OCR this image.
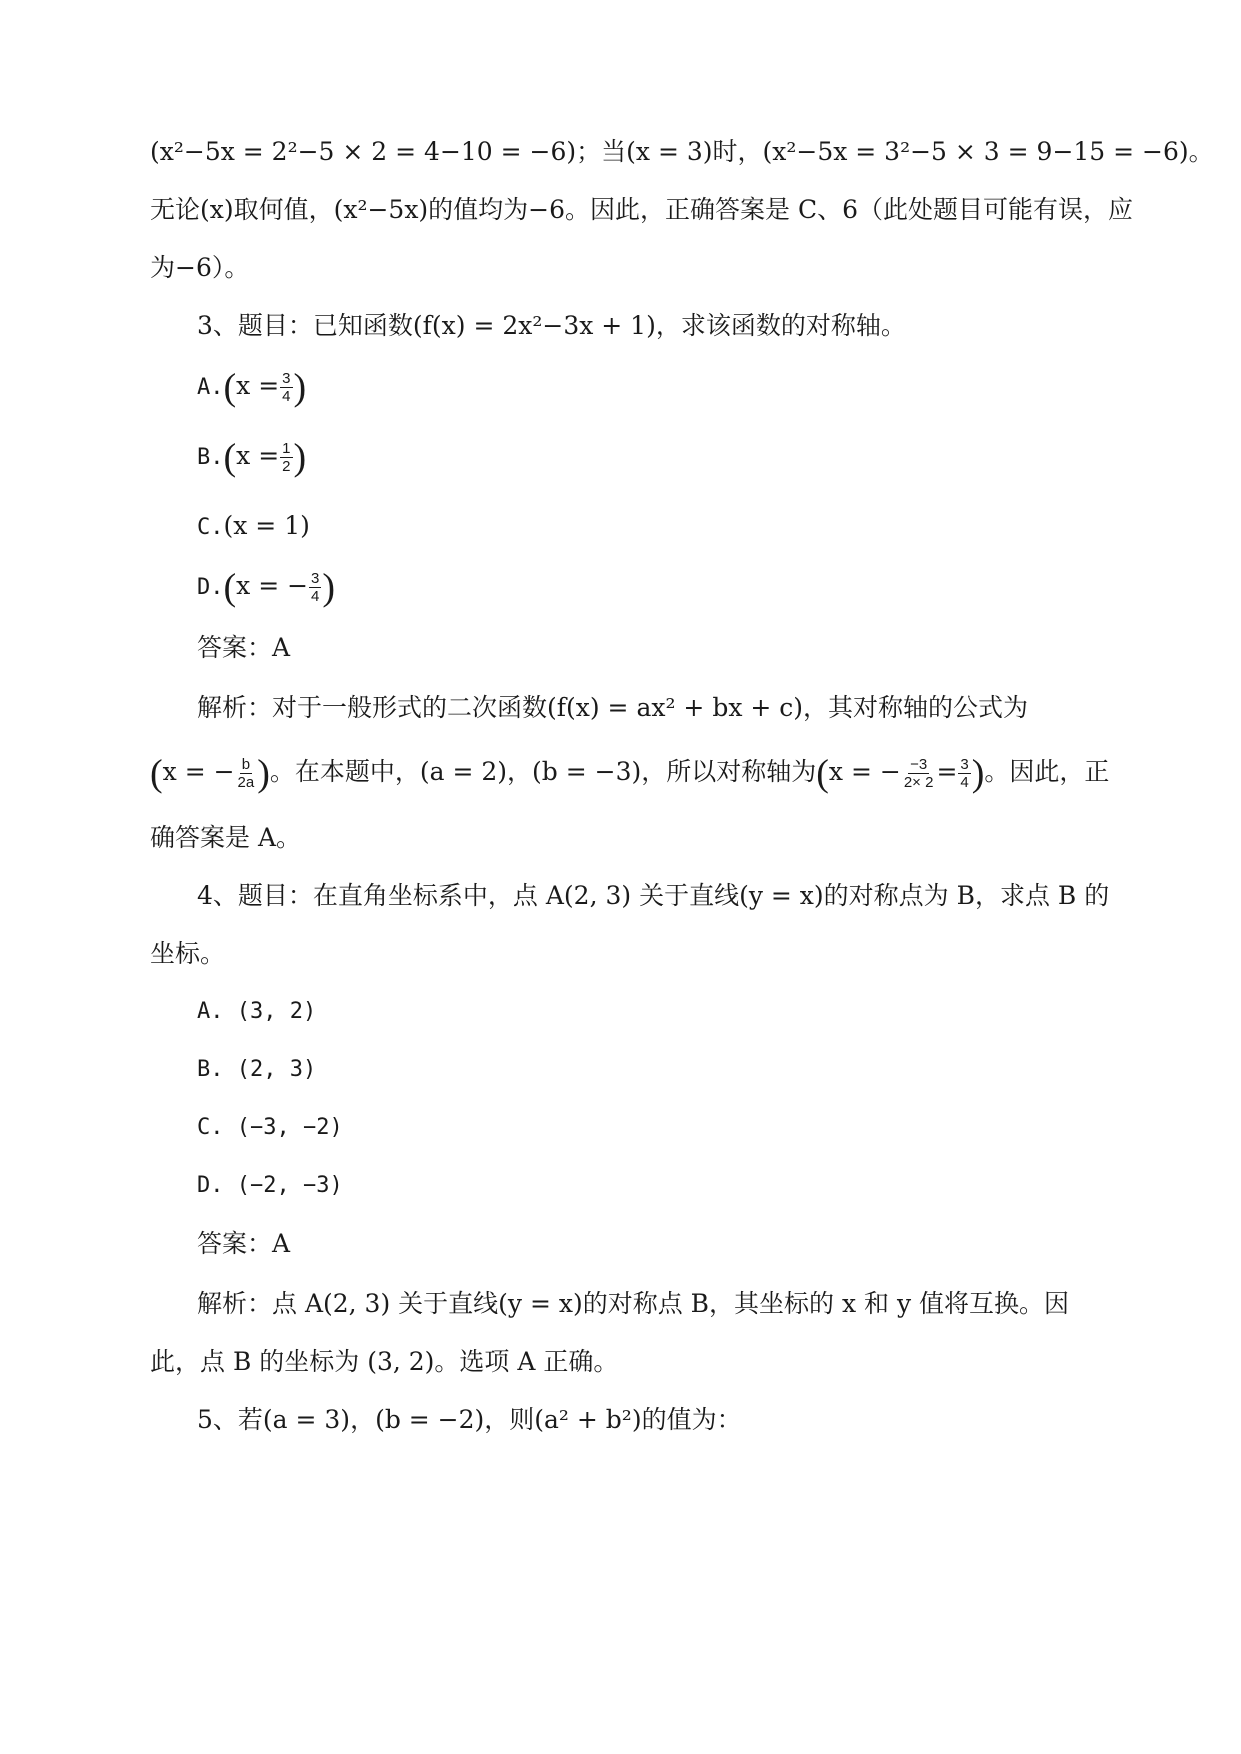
(x²−5x = 2²−5 × 2 = 4−10 = −6)；当(x = 3)时，(x²−5x = 3²−5 × 3 = 9−15 = −6)。
无论(x)取何值，(x²−5x)的值均为−6。因此，正确答案是 C、6（此处题目可能有误，应
为−6）。
3、题目：已知函数(f(x) = 2x²−3x + 1)，求该函数的对称轴。
$A.(x = \frac{3}{4}$ )
$B.(x = \frac{1}{2}$ )
C.(x = 1)
D.(x = − $\frac{3}{4}$ )
答案：A
解析：对于一般形式的二次函数(f(x) = ax² + bx + c)，其对称轴的公式为
(x = − $\frac{b}{2a}$ )。在本题中，(a = 2)，(b = −3)，所以对称轴为(x = − $\frac{-3}{2\times 2} = \frac{3}{4}$ )。因此，正
确答案是 A。
4、题目：在直角坐标系中，点 A(2, 3) 关于直线(y = x)的对称点为 B，求点 B 的
坐标。
A. (3, 2)
B. (2, 3)
C. (−3, −2)
D. (−2, −3)
答案：A
解析：点 A(2, 3) 关于直线(y = x)的对称点 B，其坐标的 x 和 y 值将互换。因
此，点 B 的坐标为 (3, 2)。选项 A 正确。
5、若(a = 3)，(b = −2)，则(a² + b²)的值为：
